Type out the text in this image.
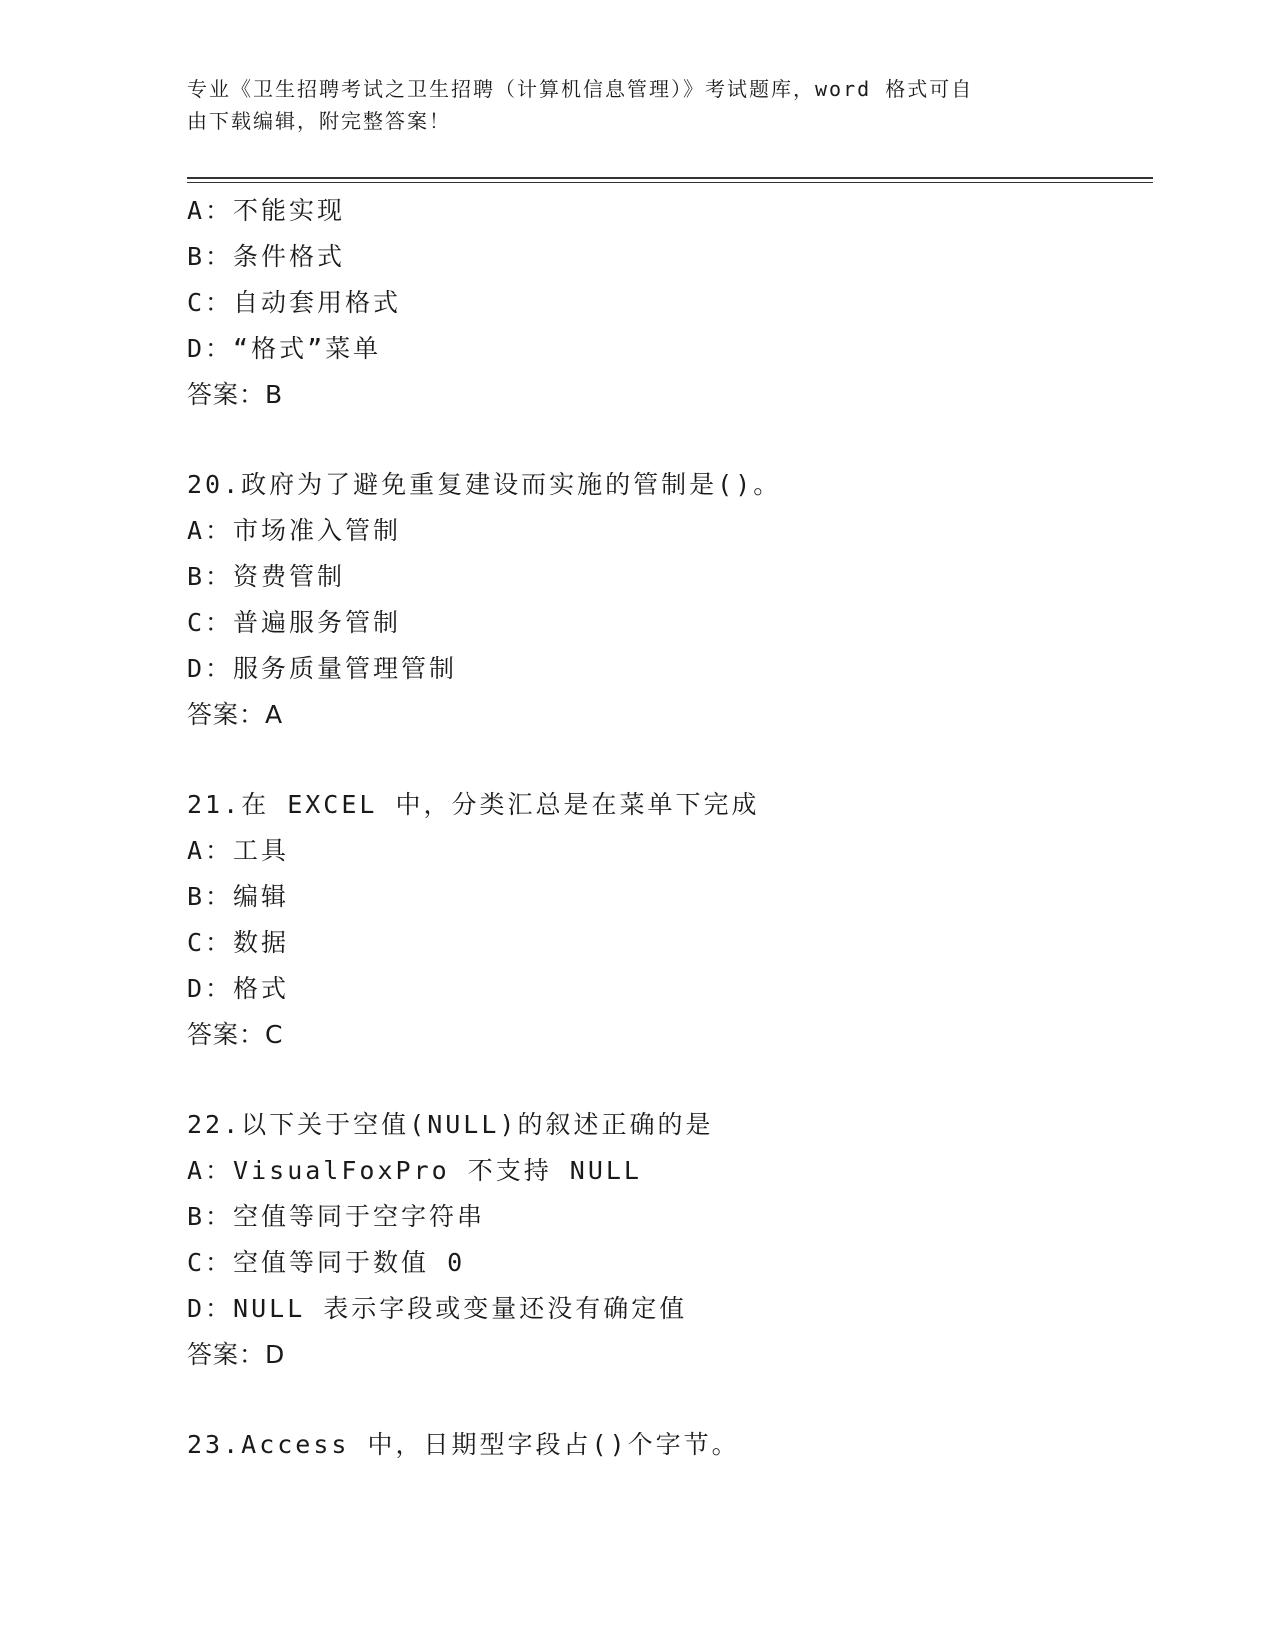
专业《卫生招聘考试之卫生招聘（计算机信息管理）》考试题库，word 格式可自
由下载编辑，附完整答案！
A：不能实现
B：条件格式
C：自动套用格式
D：“格式”菜单
答案：B
20.政府为了避免重复建设而实施的管制是()。
A：市场准入管制
B：资费管制
C：普遍服务管制
D：服务质量管理管制
答案：A
21.在 EXCEL 中，分类汇总是在菜单下完成
A：工具
B：编辑
C：数据
D：格式
答案：C
22.以下关于空值(NULL)的叙述正确的是
A：VisualFoxPro 不支持 NULL
B：空值等同于空字符串
C：空值等同于数值 0
D：NULL 表示字段或变量还没有确定值
答案：D
23.Access 中，日期型字段占()个字节。
